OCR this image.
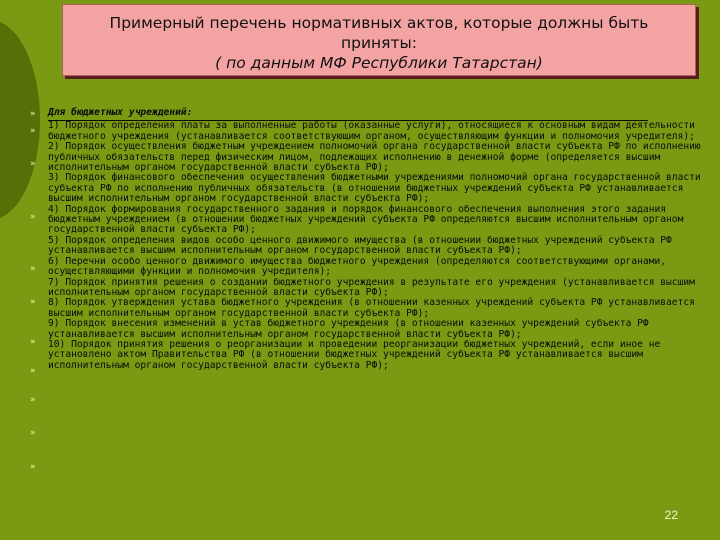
Примерный перечень нормативных актов, которые должны быть
приняты:
( по данным МФ Республики Татарстан)
»
»
»
»
»
»
»
»
»
»
»
Для бюджетных учреждений:
1) Порядок определения платы за выполненные работы (оказанные услуги), относящиеся к основным видам деятельности бюджетного учреждения (устанавливается соответствующим органом, осуществляющим функции и полномочия учредителя);
2) Порядок осуществления бюджетным учреждением полномочий органа государственной власти субъекта РФ по исполнению публичных обязательств перед физическим лицом, подлежащих исполнению в денежной форме (определяется высшим исполнительным органом государственной власти субъекта РФ);
3) Порядок финансового обеспечения осуществления бюджетными учреждениями полномочий органа государственной власти субъекта РФ по исполнению публичных обязательств (в отношении бюджетных учреждений субъекта РФ устанавливается высшим исполнительным органом государственной власти субъекта РФ);
4) Порядок формирования государственного задания и порядок финансового обеспечения выполнения этого задания бюджетным учреждением (в отношении бюджетных учреждений субъекта РФ определяются высшим исполнительным органом государственной власти субъекта РФ);
5) Порядок определения видов особо ценного движимого имущества (в отношении бюджетных учреждений субъекта РФ устанавливается высшим исполнительным органом государственной власти субъекта РФ);
6) Перечни особо ценного движимого имущества бюджетного учреждения (определяются соответствующими органами, осуществляющими функции и полномочия учредителя);
7) Порядок принятия решения о создании бюджетного учреждения в результате его учреждения (устанавливается высшим исполнительным органом государственной власти субъекта РФ);
8) Порядок утверждения устава бюджетного учреждения (в отношении казенных учреждений субъекта РФ устанавливается высшим исполнительным органом государственной власти субъекта РФ);
9) Порядок внесения изменений в устав бюджетного учреждения (в отношении казенных учреждений субъекта РФ устанавливается высшим исполнительным органом государственной власти субъекта РФ);
10) Порядок принятия решения о реорганизации и проведении реорганизации бюджетных учреждений, если иное не установлено актом Правительства РФ (в отношении бюджетных учреждений субъекта РФ устанавливается высшим исполнительным органом государственной власти субъекта РФ);
22
